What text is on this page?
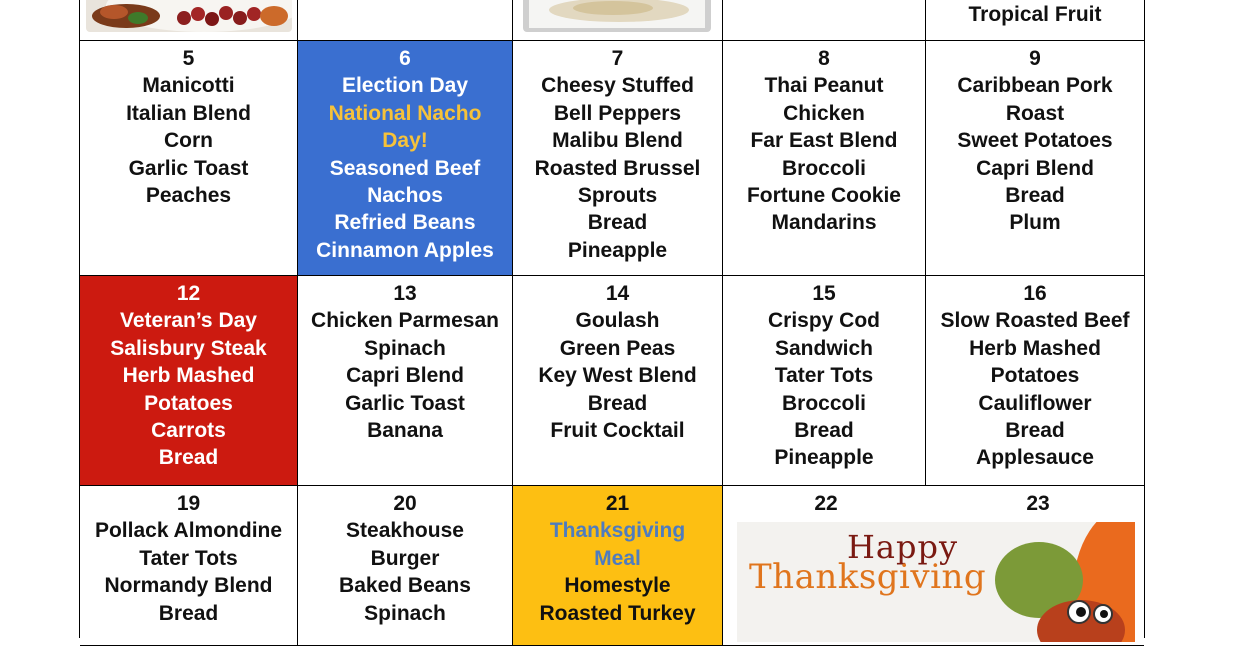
Tropical Fruit
5
Manicotti
Italian Blend
Corn
Garlic Toast
Peaches
6
Election Day
National Nacho
Day!
Seasoned Beef
Nachos
Refried Beans
Cinnamon Apples
7
Cheesy Stuffed
Bell Peppers
Malibu Blend
Roasted Brussel
Sprouts
Bread
Pineapple
8
Thai Peanut
Chicken
Far East Blend
Broccoli
Fortune Cookie
Mandarins
9
Caribbean Pork
Roast
Sweet Potatoes
Capri Blend
Bread
Plum
12
Veteran’s Day
Salisbury Steak
Herb Mashed
Potatoes
Carrots
Bread
13
Chicken Parmesan
Spinach
Capri Blend
Garlic Toast
Banana
14
Goulash
Green Peas
Key West Blend
Bread
Fruit Cocktail
15
Crispy Cod
Sandwich
Tater Tots
Broccoli
Bread
Pineapple
16
Slow Roasted Beef
Herb Mashed
Potatoes
Cauliflower
Bread
Applesauce
19
Pollack Almondine
Tater Tots
Normandy Blend
Bread
20
Steakhouse
Burger
Baked Beans
Spinach
21
Thanksgiving
Meal
Homestyle
Roasted Turkey
22	23
Happy
Thanksgiving
